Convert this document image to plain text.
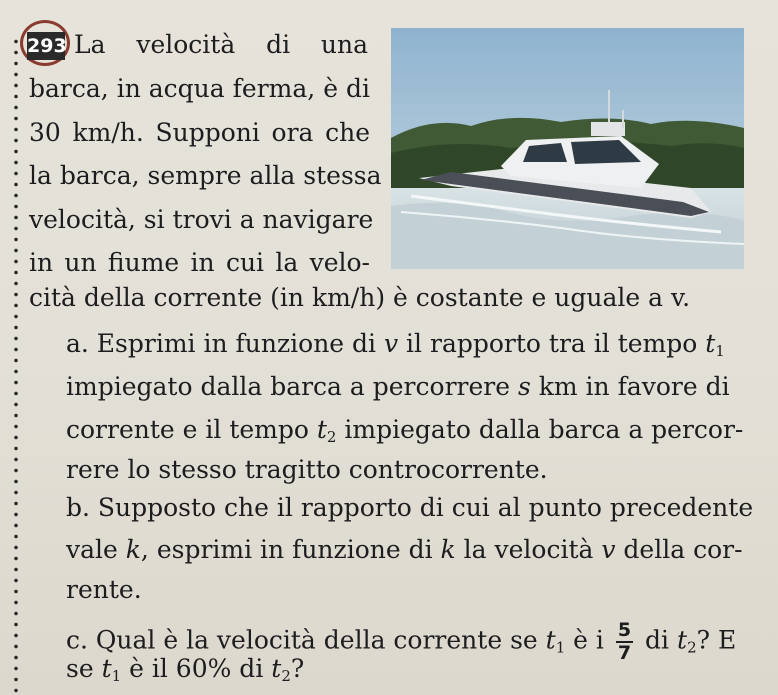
293 La velocità di una
barca, in acqua ferma, è di
30 km/h. Supponi ora che
la barca, sempre alla stessa
velocità, si trovi a navigare
in un fiume in cui la velo-
cità della corrente (in km/h) è costante e uguale a v.
a. Esprimi in funzione di v il rapporto tra il tempo $t_1$
impiegato dalla barca a percorrere s km in favore di
corrente e il tempo $t_2$ impiegato dalla barca a percor-
rere lo stesso tragitto controcorrente.
b. Supposto che il rapporto di cui al punto precedente
vale k, esprimi in funzione di k la velocità v della cor-
rente.
c. Qual è la velocità della corrente se $t_1$ è i $\frac{5}{7}$ di $t_2$? E
se $t_1$ è il 60% di $t_2$?
